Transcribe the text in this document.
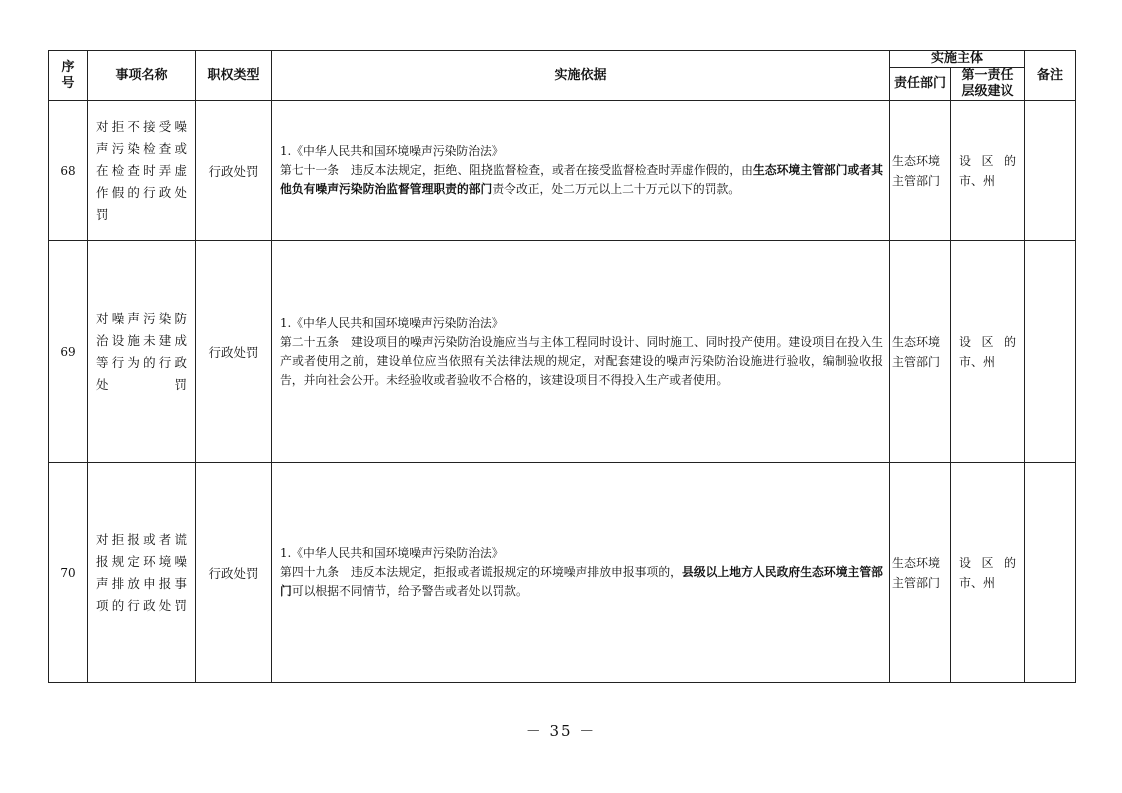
序号	事项名称	职权类型	实施依据	实施主体		备注
				责任部门	第一责任层级建议	
68	对拒不接受噪声污染检查或在检查时弄虚作假的行政处罚	行政处罚	1.《中华人民共和国环境噪声污染防治法》
第七十一条　违反本法规定，拒绝、阻挠监督检查，或者在接受监督检查时弄虚作假的，由生态环境主管部门或者其他负有噪声污染防治监督管理职责的部门责令改正，处二万元以上二十万元以下的罚款。	生态环境主管部门	设区的
市、州	
69	对噪声污染防治设施未建成等行为的行政处罚	行政处罚	1.《中华人民共和国环境噪声污染防治法》
第二十五条　建设项目的噪声污染防治设施应当与主体工程同时设计、同时施工、同时投产使用。建设项目在投入生产或者使用之前，建设单位应当依照有关法律法规的规定，对配套建设的噪声污染防治设施进行验收，编制验收报告，并向社会公开。未经验收或者验收不合格的，该建设项目不得投入生产或者使用。	生态环境主管部门	设区的
市、州	
70	对拒报或者谎报规定环境噪声排放申报事项的行政处罚	行政处罚	1.《中华人民共和国环境噪声污染防治法》
第四十九条　违反本法规定，拒报或者谎报规定的环境噪声排放申报事项的，县级以上地方人民政府生态环境主管部门可以根据不同情节，给予警告或者处以罚款。	生态环境主管部门	设区的
市、州	
－ 35 －
